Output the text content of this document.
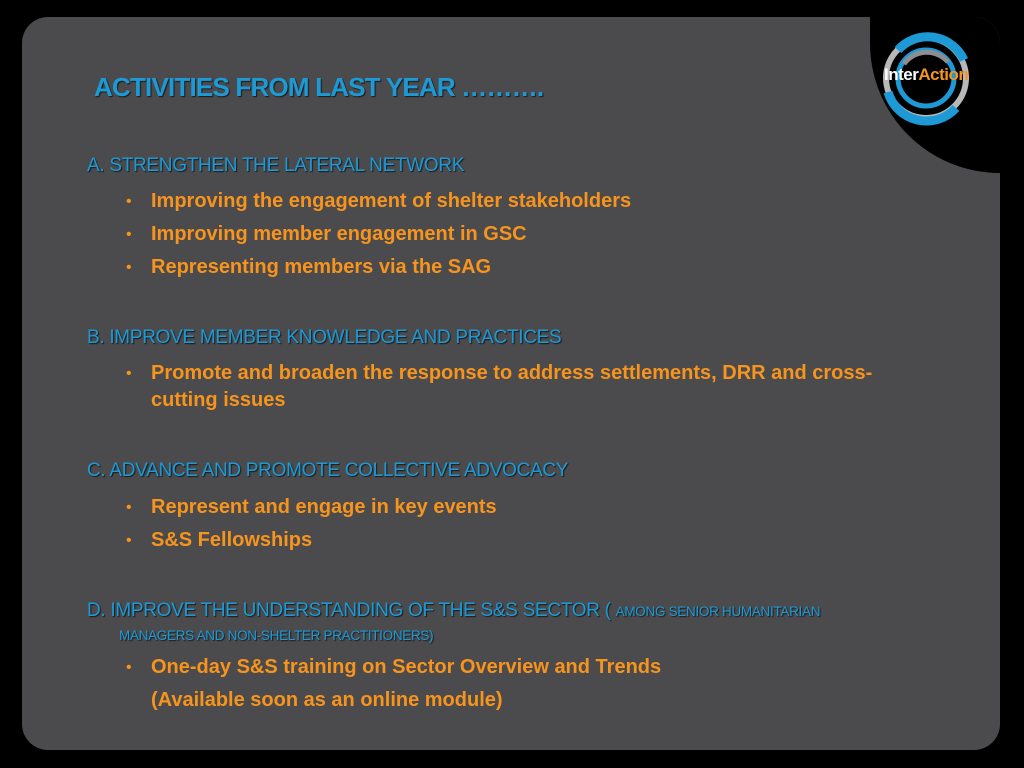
InterAction
ACTIVITIES FROM LAST YEAR ……….
A. STRENGTHEN THE LATERAL NETWORK
• Improving the engagement of shelter stakeholders
• Improving member engagement in GSC
• Representing members via the SAG
B. IMPROVE MEMBER KNOWLEDGE AND PRACTICES
• Promote and broaden the response to address settlements, DRR and cross-
cutting issues
C. ADVANCE AND PROMOTE COLLECTIVE ADVOCACY
• Represent and engage in key events
• S&S Fellowships
D. IMPROVE THE UNDERSTANDING OF THE S&S SECTOR ( AMONG SENIOR HUMANITARIAN
MANAGERS AND NON-SHELTER PRACTITIONERS)
• One-day S&S training on Sector Overview and Trends
(Available soon as an online module)
